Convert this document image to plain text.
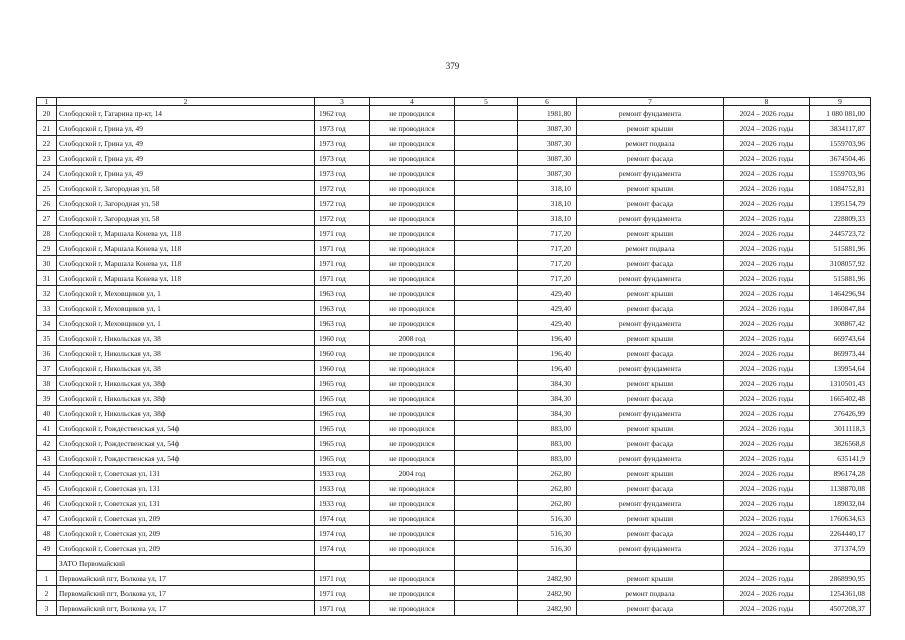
379
1	2	3	4	5	6	7	8	9
20	Слободской г, Гагарина пр-кт, 14	1962 год	не проводился		1981,80	ремонт фундамента	2024 – 2026 годы	1 080 081,00
21	Слободской г, Грина ул, 49	1973 год	не проводился		3087,30	ремонт крыши	2024 – 2026 годы	3834117,87
22	Слободской г, Грина ул, 49	1973 год	не проводился		3087,30	ремонт подвала	2024 – 2026 годы	1559703,96
23	Слободской г, Грина ул, 49	1973 год	не проводился		3087,30	ремонт фасада	2024 – 2026 годы	3674504,46
24	Слободской г, Грина ул, 49	1973 год	не проводился		3087,30	ремонт фундамента	2024 – 2026 годы	1559703,96
25	Слободской г, Загородная ул, 58	1972 год	не проводился		318,10	ремонт крыши	2024 – 2026 годы	1084752,81
26	Слободской г, Загородная ул, 58	1972 год	не проводился		318,10	ремонт фасада	2024 – 2026 годы	1395154,79
27	Слободской г, Загородная ул, 58	1972 год	не проводился		318,10	ремонт фундамента	2024 – 2026 годы	228809,33
28	Слободской г, Маршала Конева ул, 118	1971 год	не проводился		717,20	ремонт крыши	2024 – 2026 годы	2445723,72
29	Слободской г, Маршала Конева ул, 118	1971 год	не проводился		717,20	ремонт подвала	2024 – 2026 годы	515881,96
30	Слободской г, Маршала Конева ул, 118	1971 год	не проводился		717,20	ремонт фасада	2024 – 2026 годы	3108057,92
31	Слободской г, Маршала Конева ул, 118	1971 год	не проводился		717,20	ремонт фундамента	2024 – 2026 годы	515881,96
32	Слободской г, Меховщиков ул, 1	1963 год	не проводился		429,40	ремонт крыши	2024 – 2026 годы	1464296,94
33	Слободской г, Меховщиков ул, 1	1963 год	не проводился		429,40	ремонт фасада	2024 – 2026 годы	1860847,84
34	Слободской г, Меховщиков ул, 1	1963 год	не проводился		429,40	ремонт фундамента	2024 – 2026 годы	308867,42
35	Слободской г, Никольская ул, 38	1960 год	2008 год		196,40	ремонт крыши	2024 – 2026 годы	669743,64
36	Слободской г, Никольская ул, 38	1960 год	не проводился		196,40	ремонт фасада	2024 – 2026 годы	869973,44
37	Слободской г, Никольская ул, 38	1960 год	не проводился		196,40	ремонт фундамента	2024 – 2026 годы	139954,64
38	Слободской г, Никольская ул, 38ф	1965 год	не проводился		384,30	ремонт крыши	2024 – 2026 годы	1310501,43
39	Слободской г, Никольская ул, 38ф	1965 год	не проводился		384,30	ремонт фасада	2024 – 2026 годы	1665402,48
40	Слободской г, Никольская ул, 38ф	1965 год	не проводился		384,30	ремонт фундамента	2024 – 2026 годы	276426,99
41	Слободской г, Рождественская ул, 54ф	1965 год	не проводился		883,00	ремонт крыши	2024 – 2026 годы	3011118,3
42	Слободской г, Рождественская ул, 54ф	1965 год	не проводился		883,00	ремонт фасада	2024 – 2026 годы	3826568,8
43	Слободской г, Рождественская ул, 54ф	1965 год	не проводился		883,00	ремонт фундамента	2024 – 2026 годы	635141,9
44	Слободской г, Советская ул, 131	1933 год	2004 год		262,80	ремонт крыши	2024 – 2026 годы	896174,28
45	Слободской г, Советская ул, 131	1933 год	не проводился		262,80	ремонт фасада	2024 – 2026 годы	1138870,08
46	Слободской г, Советская ул, 131	1933 год	не проводился		262,80	ремонт фундамента	2024 – 2026 годы	189032,04
47	Слободской г, Советская ул, 209	1974 год	не проводился		516,30	ремонт крыши	2024 – 2026 годы	1760634,63
48	Слободской г, Советская ул, 209	1974 год	не проводился		516,30	ремонт фасада	2024 – 2026 годы	2264440,17
49	Слободской г, Советская ул, 209	1974 год	не проводился		516,30	ремонт фундамента	2024 – 2026 годы	371374,59
	ЗАТО Первомайский							
1	Первомайский пгт, Волкова ул, 17	1971 год	не проводился		2482,90	ремонт крыши	2024 – 2026 годы	2868990,95
2	Первомайский пгт, Волкова ул, 17	1971 год	не проводился		2482,90	ремонт подвала	2024 – 2026 годы	1254361,08
3	Первомайский пгт, Волкова ул, 17	1971 год	не проводился		2482,90	ремонт фасада	2024 – 2026 годы	4507208,37
